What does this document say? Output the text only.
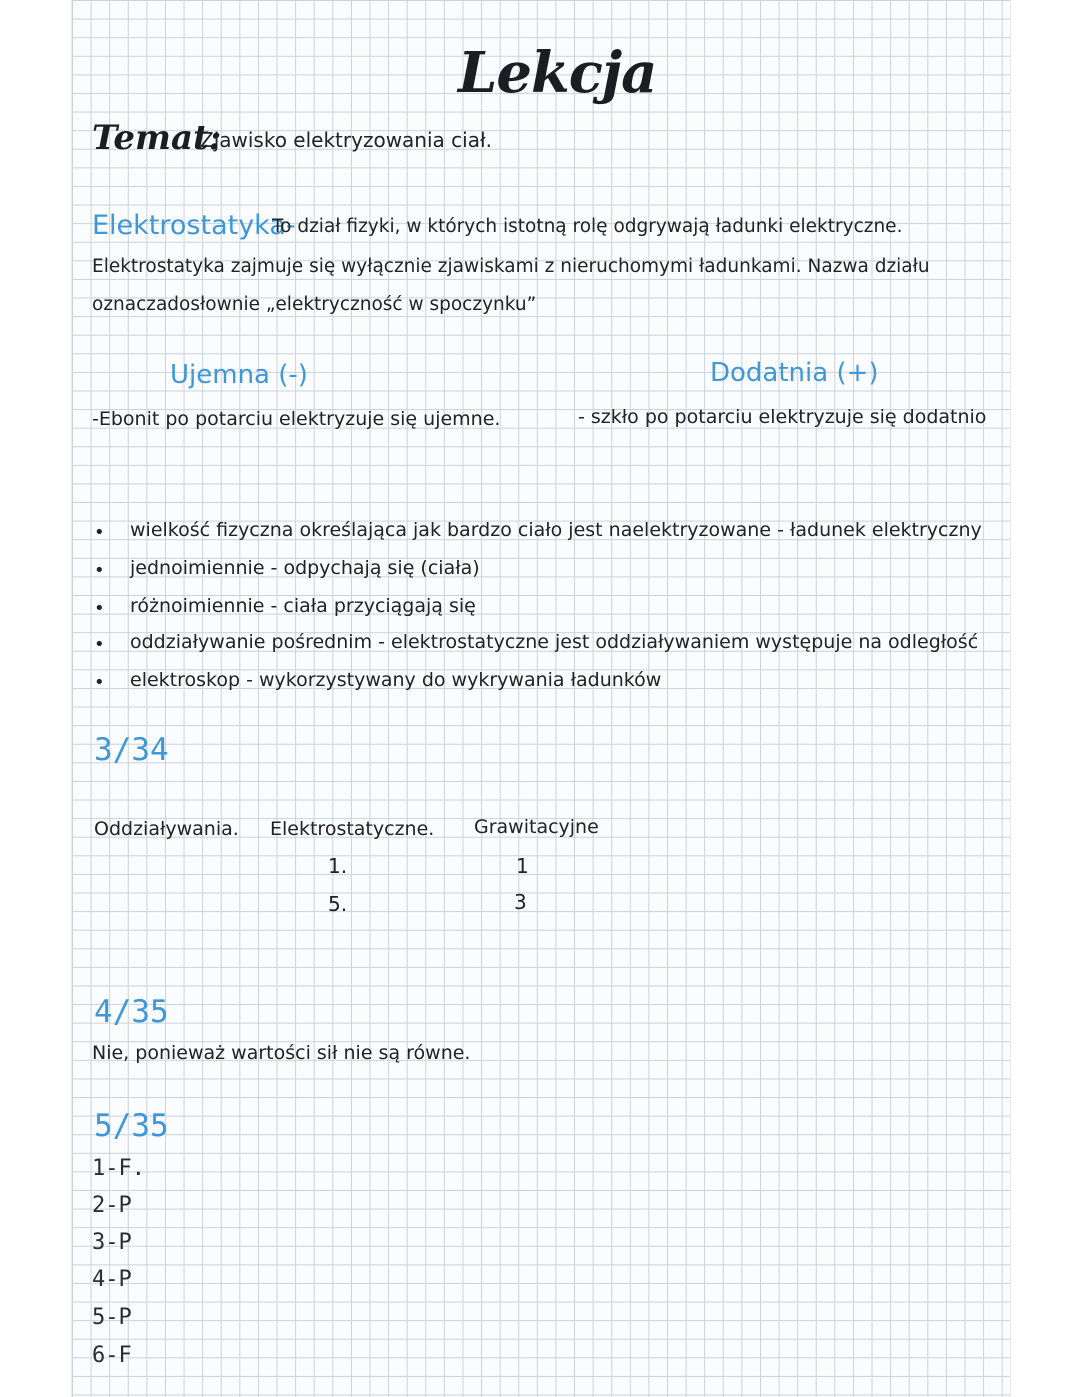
Lekcja
Temat:
Zjawisko elektryzowania ciał.
Elektrostatyka-
To dział fizyki, w których istotną rolę odgrywają ładunki elektryczne.
Elektrostatyka zajmuje się wyłącznie zjawiskami z nieruchomymi ładunkami. Nazwa działu
oznaczadosłownie „elektryczność w spoczynku”
Ujemna (-)	Dodatnia (+)
-Ebonit po potarciu elektryzuje się ujemne.	- szkło po potarciu elektryzuje się dodatnio
• wielkość fizyczna określająca jak bardzo ciało jest naelektryzowane - ładunek elektryczny
• jednoimiennie - odpychają się (ciała)
• różnoimiennie - ciała przyciągają się
• oddziaływanie pośrednim - elektrostatyczne jest oddziaływaniem występuje na odległość
• elektroskop - wykorzystywany do wykrywania ładunków
3/34
Oddziaływania. Elektrostatyczne. Grawitacyjne
1.	1
5.	3
4/35
Nie, ponieważ wartości sił nie są równe.
5/35
1-F.
2-P
3-P
4-P
5-P
6-F
